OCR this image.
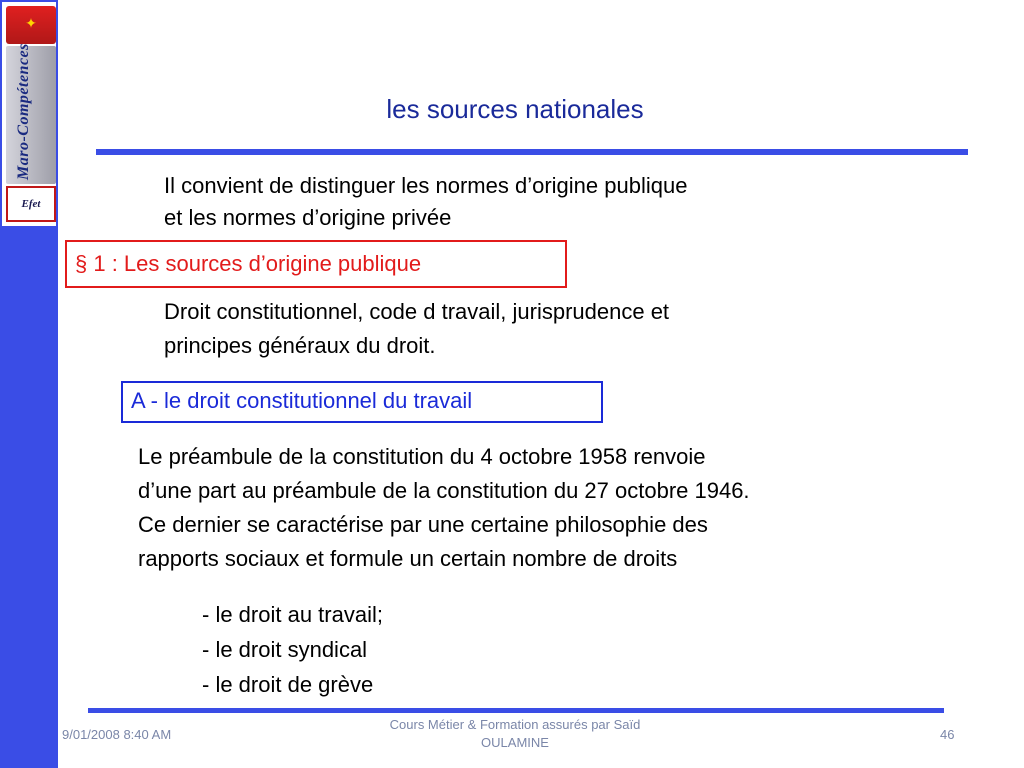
✦
Maro-Compétences
Efet
les sources nationales
Il convient de distinguer les normes d’origine publique
et les normes d’origine privée
§ 1 : Les sources d’origine publique
Droit constitutionnel, code d travail, jurisprudence et
principes généraux du droit.
A - le droit constitutionnel du travail
Le préambule de la constitution du 4 octobre 1958 renvoie
d’une part au préambule de la constitution du 27 octobre 1946.
Ce dernier se caractérise par une certaine philosophie des
rapports sociaux et formule un certain nombre de droits
- le droit au travail;
- le droit syndical
- le droit de grève
9/01/2008 8:40 AM
Cours Métier & Formation assurés par Saïd
OULAMINE
46
